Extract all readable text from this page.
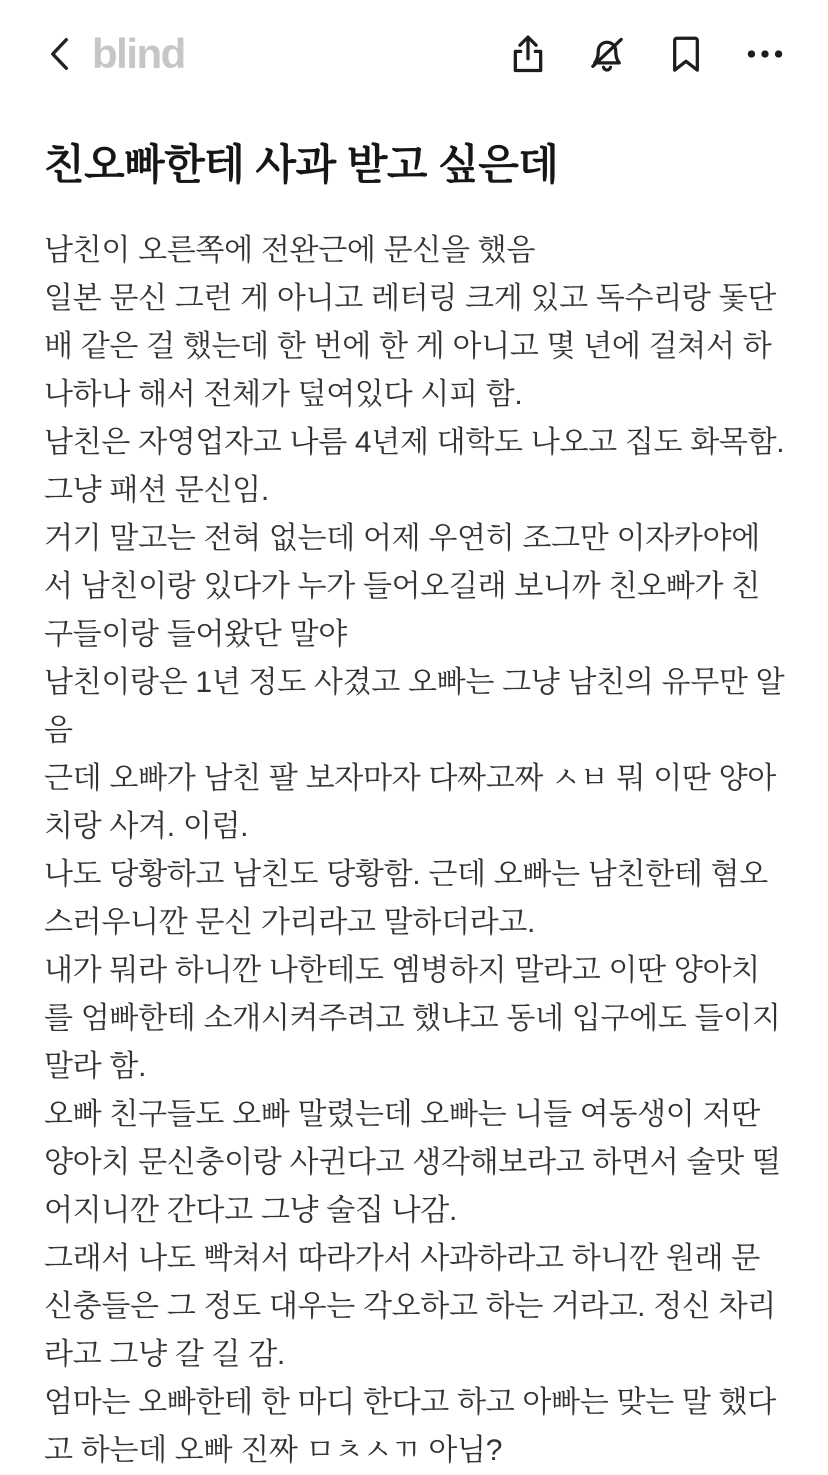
blind
친오빠한테 사과 받고 싶은데

남친이 오른쪽에 전완근에 문신을 했음

일본 문신 그런 게 아니고 레터링 크게 있고 독수리랑 돛단배 같은 걸 했는데 한 번에 한 게 아니고 몇 년에 걸쳐서 하나하나 해서 전체가 덮여있다 시피 함.

남친은 자영업자고 나름 4년제 대학도 나오고 집도 화목함.

그냥 패션 문신임.

거기 말고는 전혀 없는데 어제 우연히 조그만 이자카야에서 남친이랑 있다가 누가 들어오길래 보니까 친오빠가 친구들이랑 들어왔단 말야

남친이랑은 1년 정도 사겼고 오빠는 그냥 남친의 유무만 알음

근데 오빠가 남친 팔 보자마자 다짜고짜 ㅅㅂ 뭐 이딴 양아치랑 사겨. 이럼.

나도 당황하고 남친도 당황함. 근데 오빠는 남친한테 혐오스러우니깐 문신 가리라고 말하더라고.

내가 뭐라 하니깐 나한테도 옘병하지 말라고 이딴 양아치를 엄빠한테 소개시켜주려고 했냐고 동네 입구에도 들이지 말라 함.

오빠 친구들도 오빠 말렸는데 오빠는 니들 여동생이 저딴 양아치 문신충이랑 사귄다고 생각해보라고 하면서 술맛 떨어지니깐 간다고 그냥 술집 나감.

그래서 나도 빡쳐서 따라가서 사과하라고 하니깐 원래 문신충들은 그 정도 대우는 각오하고 하는 거라고. 정신 차리라고 그냥 갈 길 감.

엄마는 오빠한테 한 마디 한다고 하고 아빠는 맞는 말 했다고 하는데 오빠 진짜 ㅁㅊㅅㄲ 아님?
